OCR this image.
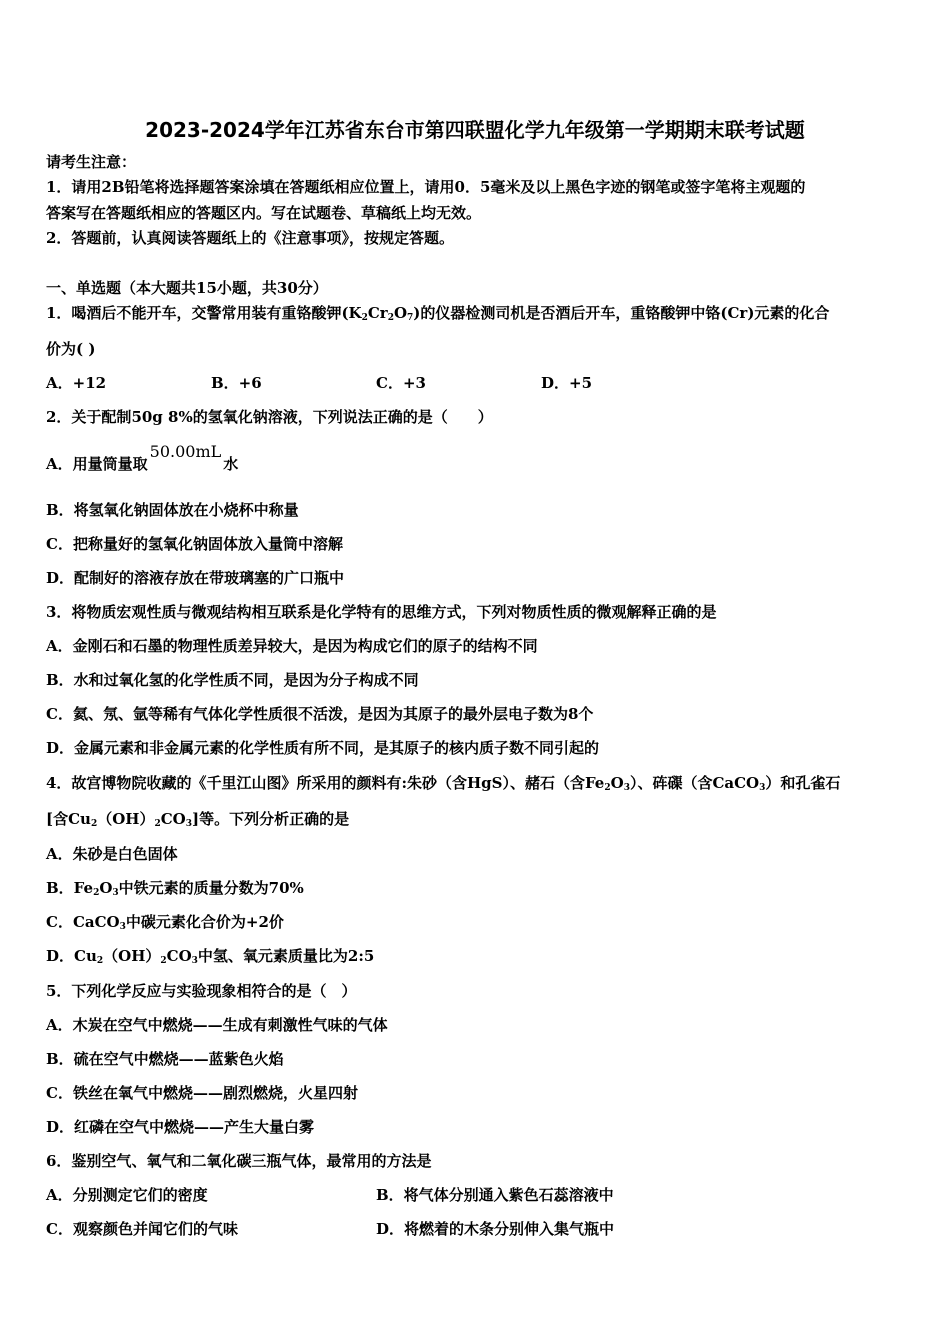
2023-2024学年江苏省东台市第四联盟化学九年级第一学期期末联考试题
请考生注意：
1．请用2B铅笔将选择题答案涂填在答题纸相应位置上，请用0．5毫米及以上黑色字迹的钢笔或签字笔将主观题的
答案写在答题纸相应的答题区内。写在试题卷、草稿纸上均无效。
2．答题前，认真阅读答题纸上的《注意事项》，按规定答题。
一、单选题（本大题共15小题，共30分）
1．喝酒后不能开车，交警常用装有重铬酸钾$(K_2Cr_2O_7)$的仪器检测司机是否酒后开车，重铬酸钾中铬(Cr)元素的化合
价为( )
A．+12	B．+6	C．+3	D．+5
2．关于配制50g 8%的氢氧化钠溶液，下列说法正确的是（　　）
A．用量筒量取50.00mL水
B．将氢氧化钠固体放在小烧杯中称量
C．把称量好的氢氧化钠固体放入量筒中溶解
D．配制好的溶液存放在带玻璃塞的广口瓶中
3．将物质宏观性质与微观结构相互联系是化学特有的思维方式，下列对物质性质的微观解释正确的是
A．金刚石和石墨的物理性质差异较大，是因为构成它们的原子的结构不同
B．水和过氧化氢的化学性质不同，是因为分子构成不同
C．氦、氖、氩等稀有气体化学性质很不活泼，是因为其原子的最外层电子数为8个
D．金属元素和非金属元素的化学性质有所不同，是其原子的核内质子数不同引起的
4．故宫博物院收藏的《千里江山图》所采用的颜料有:朱砂（含HgS）、赭石（含$Fe_2O_3$）、砗磲（含CaCO$_3$）和孔雀石
[含$Cu_2(OH)_2CO_3$]等。下列分析正确的是
A．朱砂是白色固体
B．$Fe_2O_3$中铁元素的质量分数为70%
C．CaCO$_3$中碳元素化合价为+2价
D．$Cu_2(OH)_2CO_3$中氢、氧元素质量比为2:5
5．下列化学反应与实验现象相符合的是（　）
A．木炭在空气中燃烧——生成有刺激性气味的气体
B．硫在空气中燃烧——蓝紫色火焰
C．铁丝在氧气中燃烧——剧烈燃烧，火星四射
D．红磷在空气中燃烧——产生大量白雾
6．鉴别空气、氧气和二氧化碳三瓶气体，最常用的方法是
A．分别测定它们的密度	B．将气体分别通入紫色石蕊溶液中
C．观察颜色并闻它们的气味	D．将燃着的木条分别伸入集气瓶中
